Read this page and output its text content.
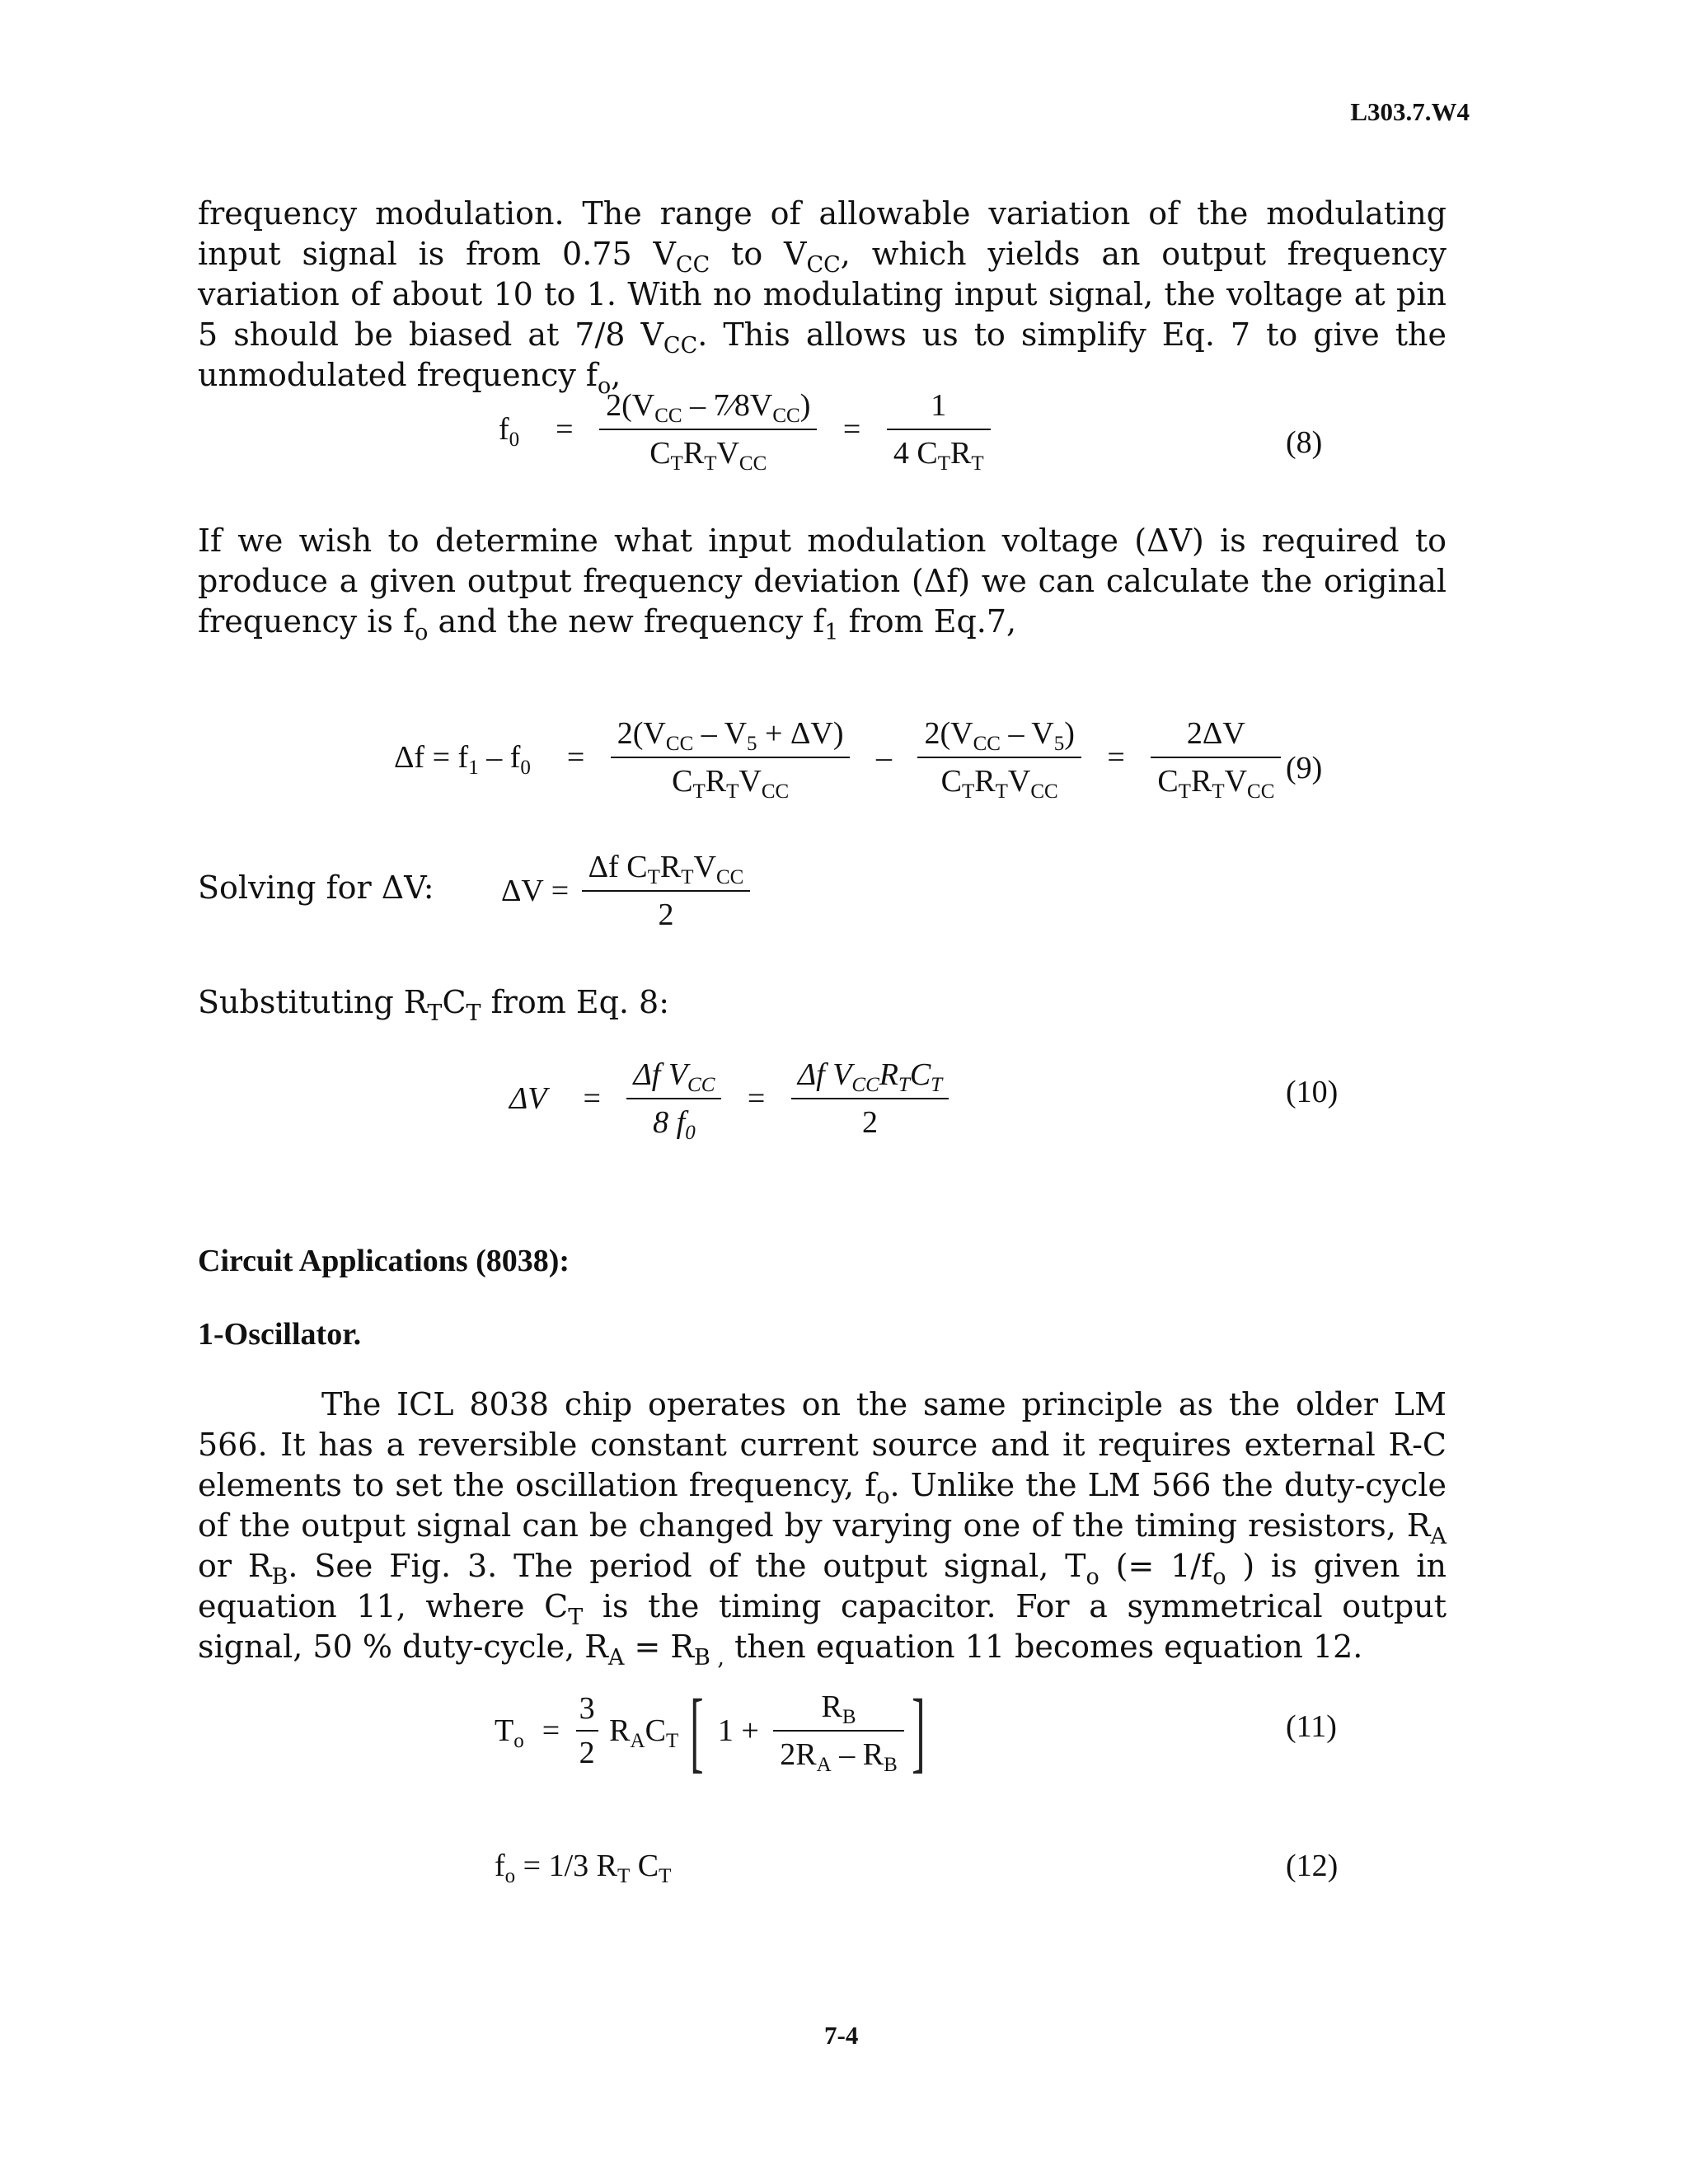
L303.7.W4
frequency modulation. The range of allowable variation of the modulating input signal is from 0.75 $V_{CC}$ to $V_{CC}$, which yields an output frequency variation of about 10 to 1. With no modulating input signal, the voltage at pin 5 should be biased at 7/8 $V_{CC}$. This allows us to simplify Eq. 7 to give the unmodulated frequency $f_o$,
$f_0 = \frac{2(V_{CC} - 7⁄8V_{CC})}{C_TR_TV_{CC}} = \frac{1}{4 C_TR_T}$	(8)
If we wish to determine what input modulation voltage (ΔV) is required to produce a given output frequency deviation (Δf) we can calculate the original frequency is $f_o$ and the new frequency $f_1$ from Eq.7,
$\Delta f = f_1 - f_0 = \frac{2(V_{CC} - V_5 + \Delta V)}{C_TR_TV_{CC}} - \frac{2(V_{CC} - V_5)}{C_TR_TV_{CC}} = \frac{2\Delta V}{C_TR_TV_{CC}} (9)$
Solving for ΔV: $\Delta V = \frac{\Delta f C_TR_TV_{CC}}{2}$
Substituting $R_TC_T$ from Eq. 8:
$\Delta V = \frac{\Delta f V_{CC}}{8 f_0} = \frac{\Delta f V_{CC}R_TC_T}{2}$	(10)
Circuit Applications (8038):
1-Oscillator.
The ICL 8038 chip operates on the same principle as the older LM 566. It has a reversible constant current source and it requires external R-C elements to set the oscillation frequency, $f_o$. Unlike the LM 566 the duty-cycle of the output signal can be changed by varying one of the timing resistors, $R_A$ or $R_B$. See Fig. 3. The period of the output signal, $T_o$ (= $1/f_o$ ) is given in equation 11, where $C_T$ is the timing capacitor. For a symmetrical output signal, 50 % duty-cycle, $R_A = R_{B ,}$ then equation 11 becomes equation 12.
$T_o = \frac{3}{2} R_AC_T$ [ $1 + \frac{R_B}{2R_A - R_B}$ ]	(11)
$f_o = 1/3$ $R_T$ $C_T$	(12)
7-4
